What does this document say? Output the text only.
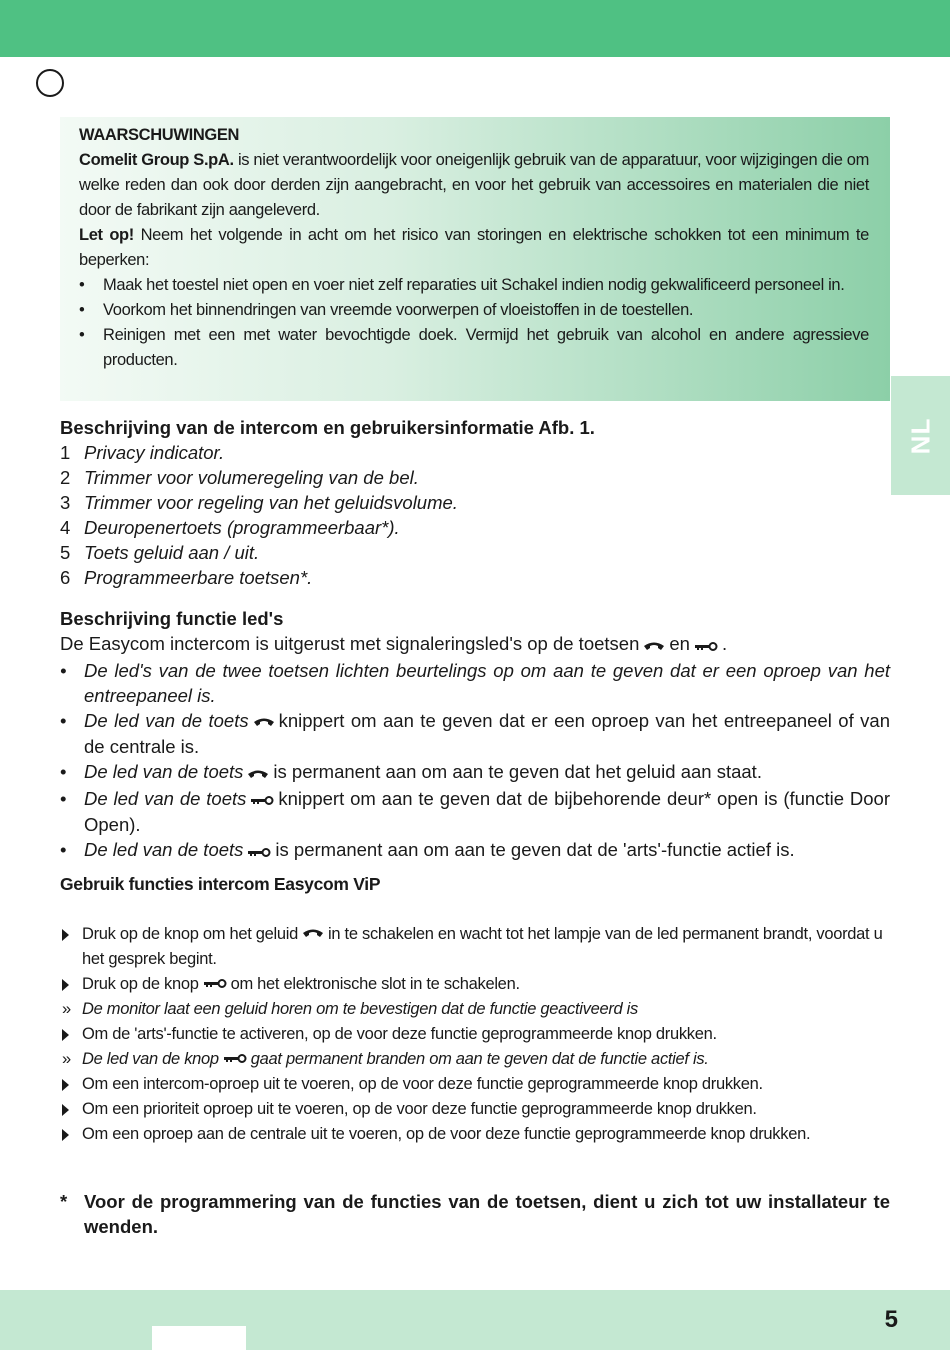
WAARSCHUWINGEN
Comelit Group S.pA. is niet verantwoordelijk voor oneigenlijk gebruik van de apparatuur, voor wijzigingen die om welke reden dan ook door derden zijn aangebracht, en voor het gebruik van accessoires en materialen die niet door de fabrikant zijn aangeleverd.
Let op! Neem het volgende in acht om het risico van storingen en elektrische schokken tot een minimum te beperken:
• Maak het toestel niet open en voer niet zelf reparaties uit Schakel indien nodig gekwalificeerd personeel in.
• Voorkom het binnendringen van vreemde voorwerpen of vloeistoffen in de toestellen.
• Reinigen met een met water bevochtigde doek. Vermijd het gebruik van alcohol en andere agressieve producten.
NL
Beschrijving van de intercom en gebruikersinformatie Afb. 1.
1 Privacy indicator.
2 Trimmer voor volumeregeling van de bel.
3 Trimmer voor regeling van het geluidsvolume.
4 Deuropenertoets (programmeerbaar*).
5 Toets geluid aan / uit.
6 Programmeerbare toetsen*.
Beschrijving functie led's
De Easycom inctercom is uitgerust met signaleringsled's op de toetsen en .
• De led's van de twee toetsen lichten beurtelings op om aan te geven dat er een oproep van het entreepaneel is.
• De led van de toets knippert om aan te geven dat er een oproep van het entreepaneel of van de centrale is.
• De led van de toets is permanent aan om aan te geven dat het geluid aan staat.
• De led van de toets knippert om aan te geven dat de bijbehorende deur* open is (functie Door Open).
• De led van de toets is permanent aan om aan te geven dat de 'arts'-functie actief is.
Gebruik functies intercom Easycom ViP
Druk op de knop om het geluid in te schakelen en wacht tot het lampje van de led permanent brandt, voordat u het gesprek begint.
Druk op de knop om het elektronische slot in te schakelen.
» De monitor laat een geluid horen om te bevestigen dat de functie geactiveerd is
Om de 'arts'-functie te activeren, op de voor deze functie geprogrammeerde knop drukken.
» De led van de knop gaat permanent branden om aan te geven dat de functie actief is.
Om een intercom-oproep uit te voeren, op de voor deze functie geprogrammeerde knop drukken.
Om een prioriteit oproep uit te voeren, op de voor deze functie geprogrammeerde knop drukken.
Om een oproep aan de centrale uit te voeren, op de voor deze functie geprogrammeerde knop drukken.
* Voor de programmering van de functies van de toetsen, dient u zich tot uw installateur te wenden.
5
